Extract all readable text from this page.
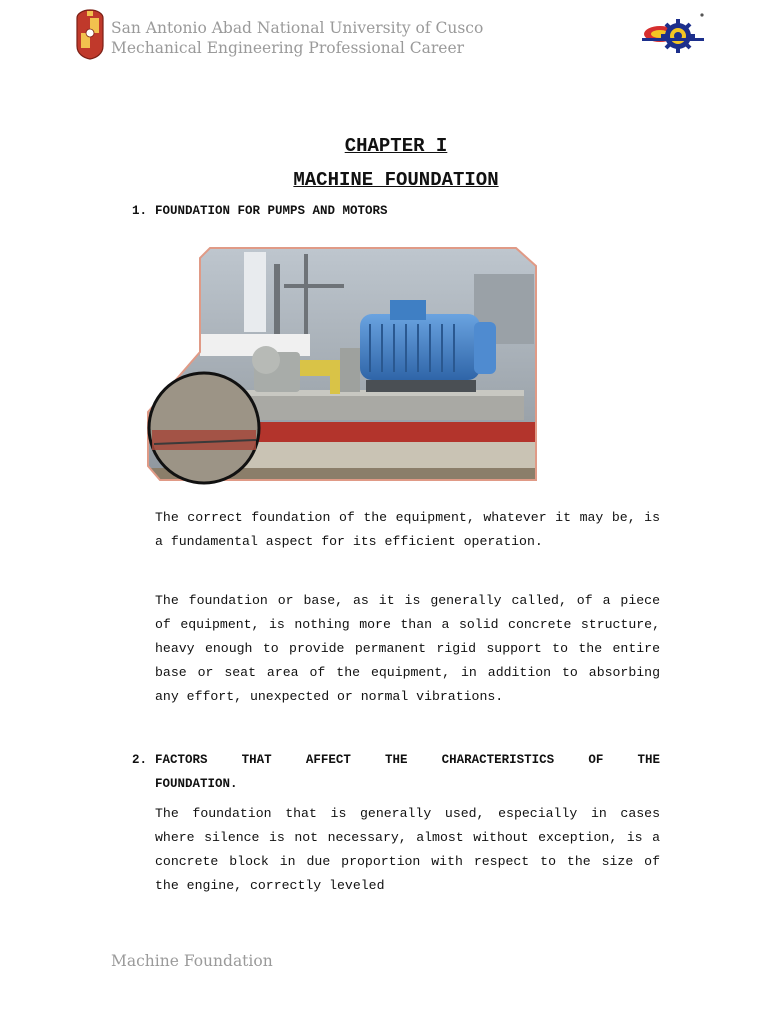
San Antonio Abad National University of Cusco
Mechanical Engineering Professional Career
CHAPTER I
MACHINE FOUNDATION
1. FOUNDATION FOR PUMPS AND MOTORS

The correct foundation of the equipment, whatever it may be, is a fundamental aspect for its efficient operation.

The foundation or base, as it is generally called, of a piece of equipment, is nothing more than a solid concrete structure, heavy enough to provide permanent rigid support to the entire base or seat area of the equipment, in addition to absorbing any effort, unexpected or normal vibrations.

2. FACTORS THAT AFFECT THE CHARACTERISTICS OF THE
FOUNDATION.

The foundation that is generally used, especially in cases where silence is not necessary, almost without exception, is a concrete block in due proportion with respect to the size of the engine, correctly leveled

Machine Foundation
